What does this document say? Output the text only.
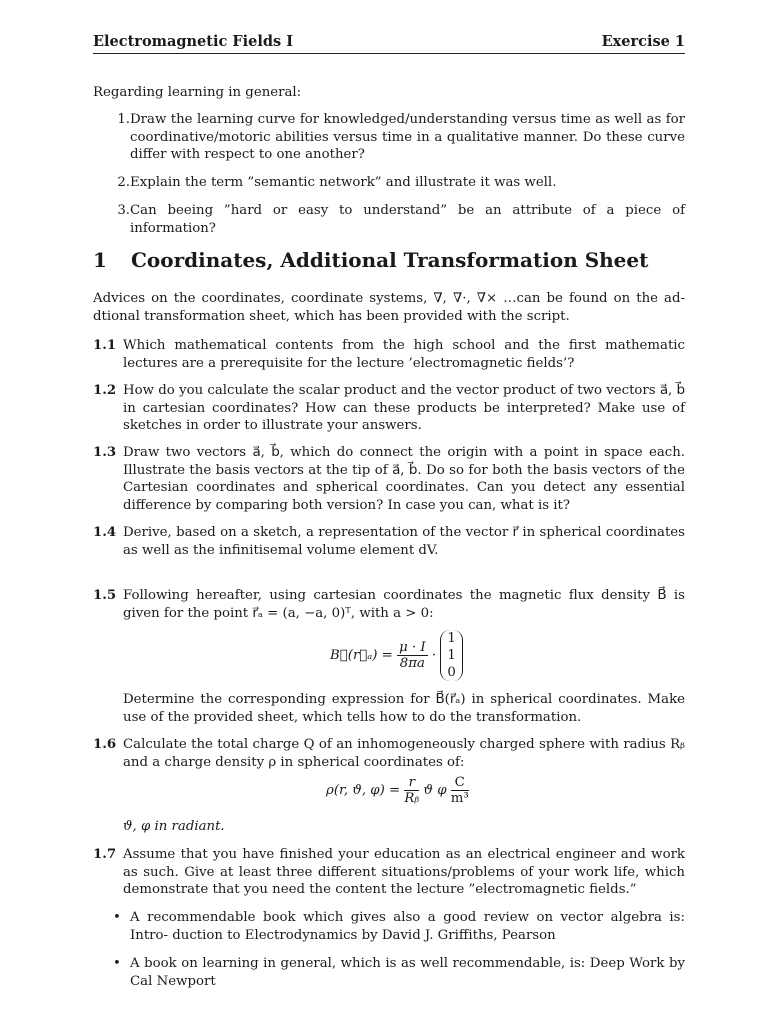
Electromagnetic Fields I	Exercise 1
Regarding learning in general:
1. Draw the learning curve for knowledged/understanding versus time as well as for coordinative/motoric abilities versus time in a qualitative manner. Do these curve differ with respect to one another?
2. Explain the term ”semantic network” and illustrate it was well.
3. Can beeing ”hard or easy to understand” be an attribute of a piece of information?
1 Coordinates, Additional Transformation Sheet
Advices on the coordinates, coordinate systems, ∇, ∇·, ∇× …can be found on the ad- dtional transformation sheet, which has been provided with the script.
1.1 Which mathematical contents from the high school and the first mathematic lectures are a prerequisite for the lecture ’electromagnetic fields’?
1.2 How do you calculate the scalar product and the vector product of two vectors a⃗, b⃗ in cartesian coordinates? How can these products be interpreted? Make use of sketches in order to illustrate your answers.
1.3 Draw two vectors a⃗, b⃗, which do connect the origin with a point in space each. Illustrate the basis vectors at the tip of a⃗, b⃗. Do so for both the basis vectors of the Cartesian coordinates and spherical coordinates. Can you detect any essential difference by comparing both version? In case you can, what is it?
1.4 Derive, based on a sketch, a representation of the vector r⃗ in spherical coordinates as well as the infinitisemal volume element dV.
1.5 Following hereafter, using cartesian coordinates the magnetic flux density B⃗ is given for the point r⃗ₐ = (a, −a, 0)ᵀ, with a > 0:
B⃗(r⃗ₐ) = $\frac{\mu \cdot I}{8\pi a}$ ·
1
1
0
Determine the corresponding expression for B⃗(r⃗ₐ) in spherical coordinates. Make use of the provided sheet, which tells how to do the transformation.
1.6 Calculate the total charge Q of an inhomogeneously charged sphere with radius Rᵦ and a charge density ρ in spherical coordinates of:
ρ(r, ϑ, $\varphi) = \frac{r}{\text{Rᵦ}}$ ϑ φ $\frac{C}{\text{m³}}$
ϑ, φ in radiant.
1.7 Assume that you have finished your education as an electrical engineer and work as such. Give at least three different situations/problems of your work life, which demonstrate that you need the content the lecture ”electromagnetic fields.”
• A recommendable book which gives also a good review on vector algebra is: Intro- duction to Electrodynamics by David J. Griffiths, Pearson
• A book on learning in general, which is as well recommendable, is: Deep Work by Cal Newport
